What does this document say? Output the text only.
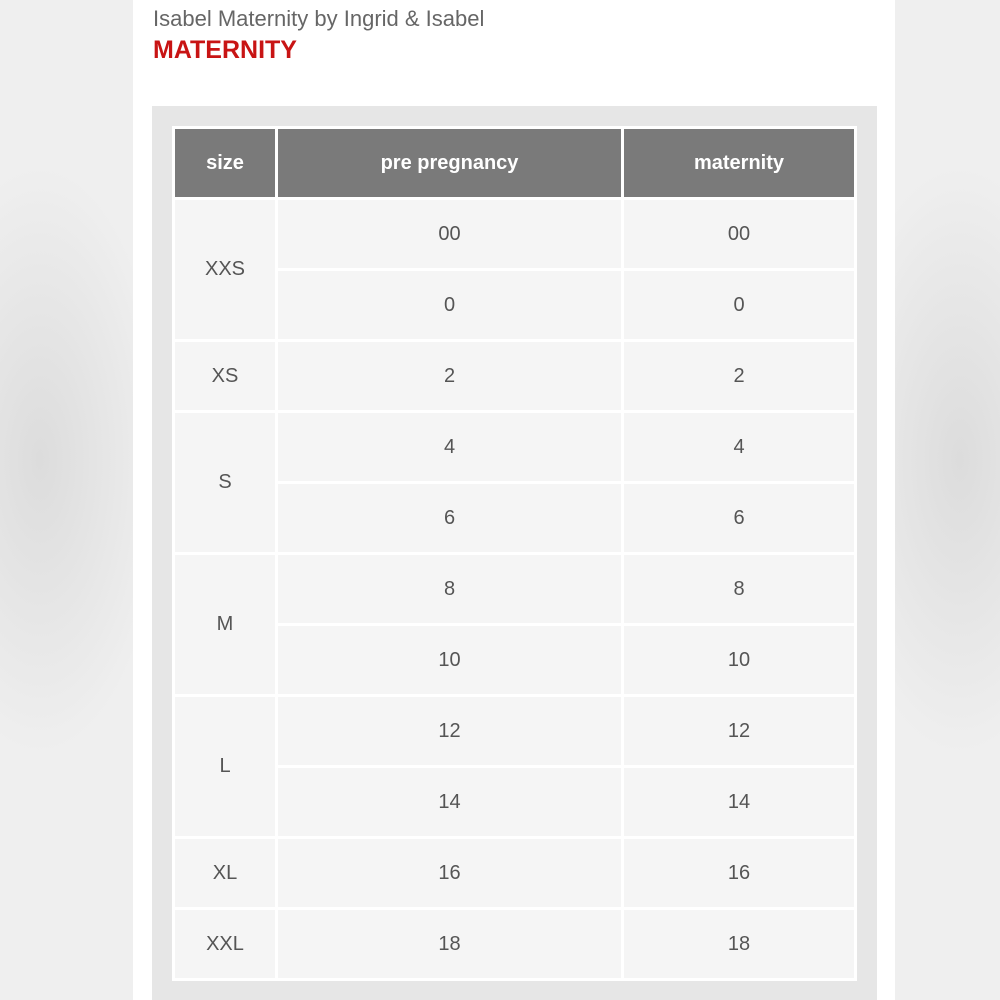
Isabel Maternity by Ingrid & Isabel
MATERNITY
size	pre pregnancy	maternity
XXS	00	00
	0	0
XS	2	2
S	4	4
	6	6
M	8	8
	10	10
L	12	12
	14	14
XL	16	16
XXL	18	18
